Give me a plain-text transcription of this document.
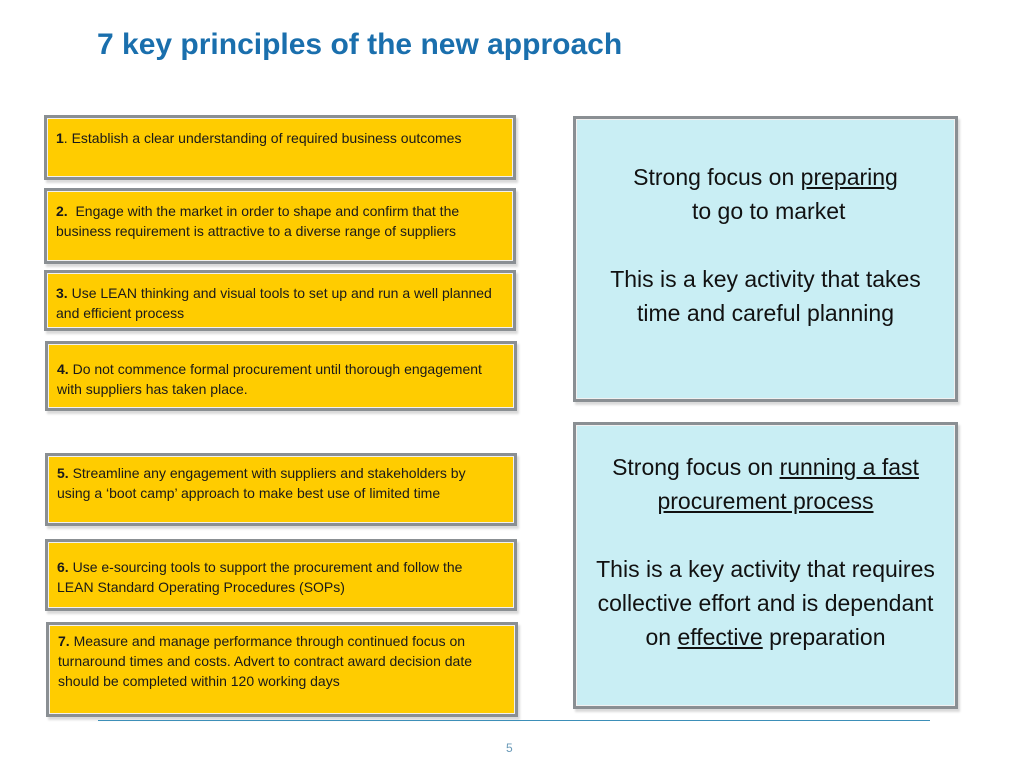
7 key principles of the new approach
1. Establish a clear understanding of required business outcomes
2. Engage with the market in order to shape and confirm that the business requirement is attractive to a diverse range of suppliers
3. Use LEAN thinking and visual tools to set up and run a well planned and efficient process
4. Do not commence formal procurement until thorough engagement with suppliers has taken place.
5. Streamline any engagement with suppliers and stakeholders by using a ‘boot camp’ approach to make best use of limited time
6. Use e-sourcing tools to support the procurement and follow the LEAN Standard Operating Procedures (SOPs)
7. Measure and manage performance through continued focus on turnaround times and costs. Advert to contract award decision date should be completed within 120 working days

Strong focus on preparing to go to market

This is a key activity that takes time and careful planning

Strong focus on running a fast procurement process

This is a key activity that requires collective effort and is dependant on effective preparation

5
